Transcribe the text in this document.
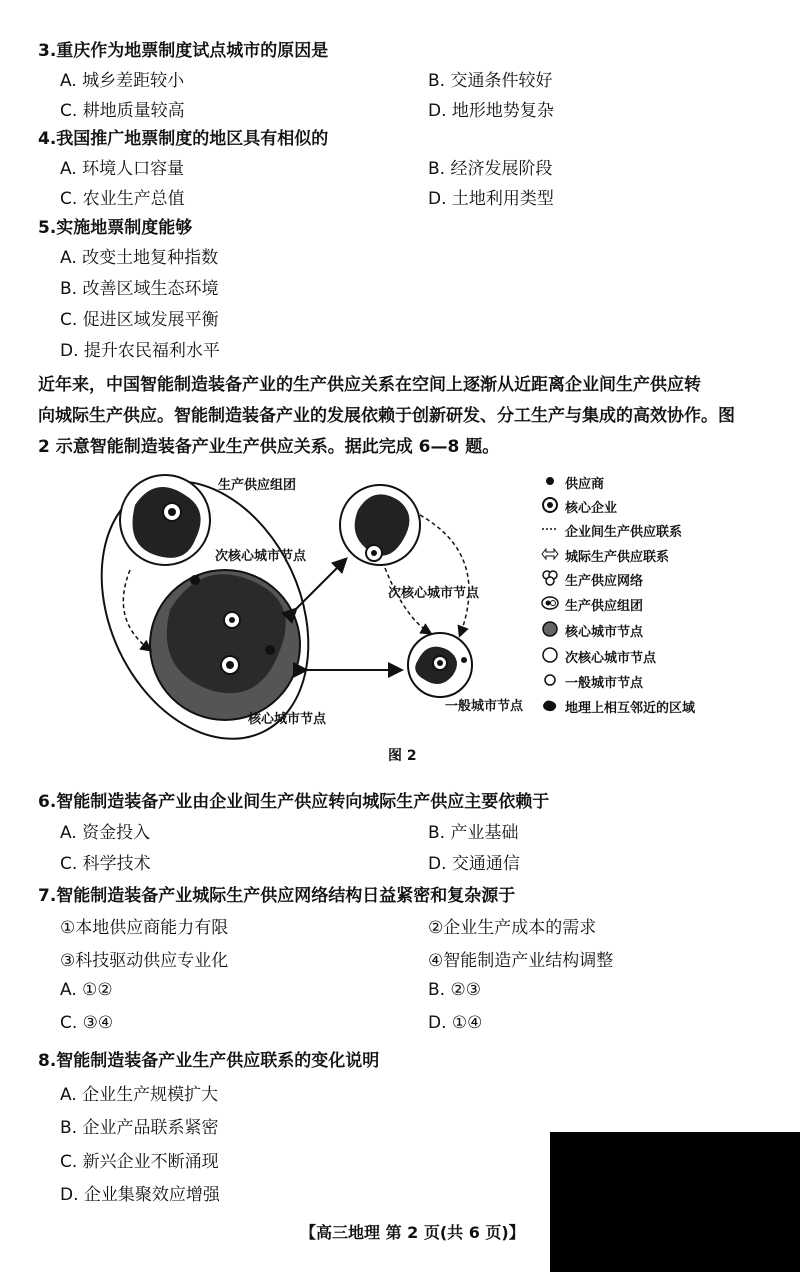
3.重庆作为地票制度试点城市的原因是
A. 城乡差距较小	B. 交通条件较好
C. 耕地质量较高	D. 地形地势复杂
4.我国推广地票制度的地区具有相似的
A. 环境人口容量	B. 经济发展阶段
C. 农业生产总值	D. 土地利用类型
5.实施地票制度能够
A. 改变土地复种指数
B. 改善区域生态环境
C. 促进区域发展平衡
D. 提升农民福利水平
近年来，中国智能制造装备产业的生产供应关系在空间上逐渐从近距离企业间生产供应转
向城际生产供应。智能制造装备产业的发展依赖于创新研发、分工生产与集成的高效协作。图
2 示意智能制造装备产业生产供应关系。据此完成 6—8 题。
生产供应组团
次核心城市节点
次核心城市节点
核心城市节点
一般城市节点
供应商
核心企业
企业间生产供应联系
城际生产供应联系
生产供应网络
生产供应组团
核心城市节点
次核心城市节点
一般城市节点
地理上相互邻近的区域
图 2
6.智能制造装备产业由企业间生产供应转向城际生产供应主要依赖于
A. 资金投入	B. 产业基础
C. 科学技术	D. 交通通信
7.智能制造装备产业城际生产供应网络结构日益紧密和复杂源于
①本地供应商能力有限	②企业生产成本的需求
③科技驱动供应专业化	④智能制造产业结构调整
A. ①②	B. ②③
C. ③④	D. ①④
8.智能制造装备产业生产供应联系的变化说明
A. 企业生产规模扩大
B. 企业产品联系紧密
C. 新兴企业不断涌现
D. 企业集聚效应增强
【高三地理 第 2 页(共 6 页)】
